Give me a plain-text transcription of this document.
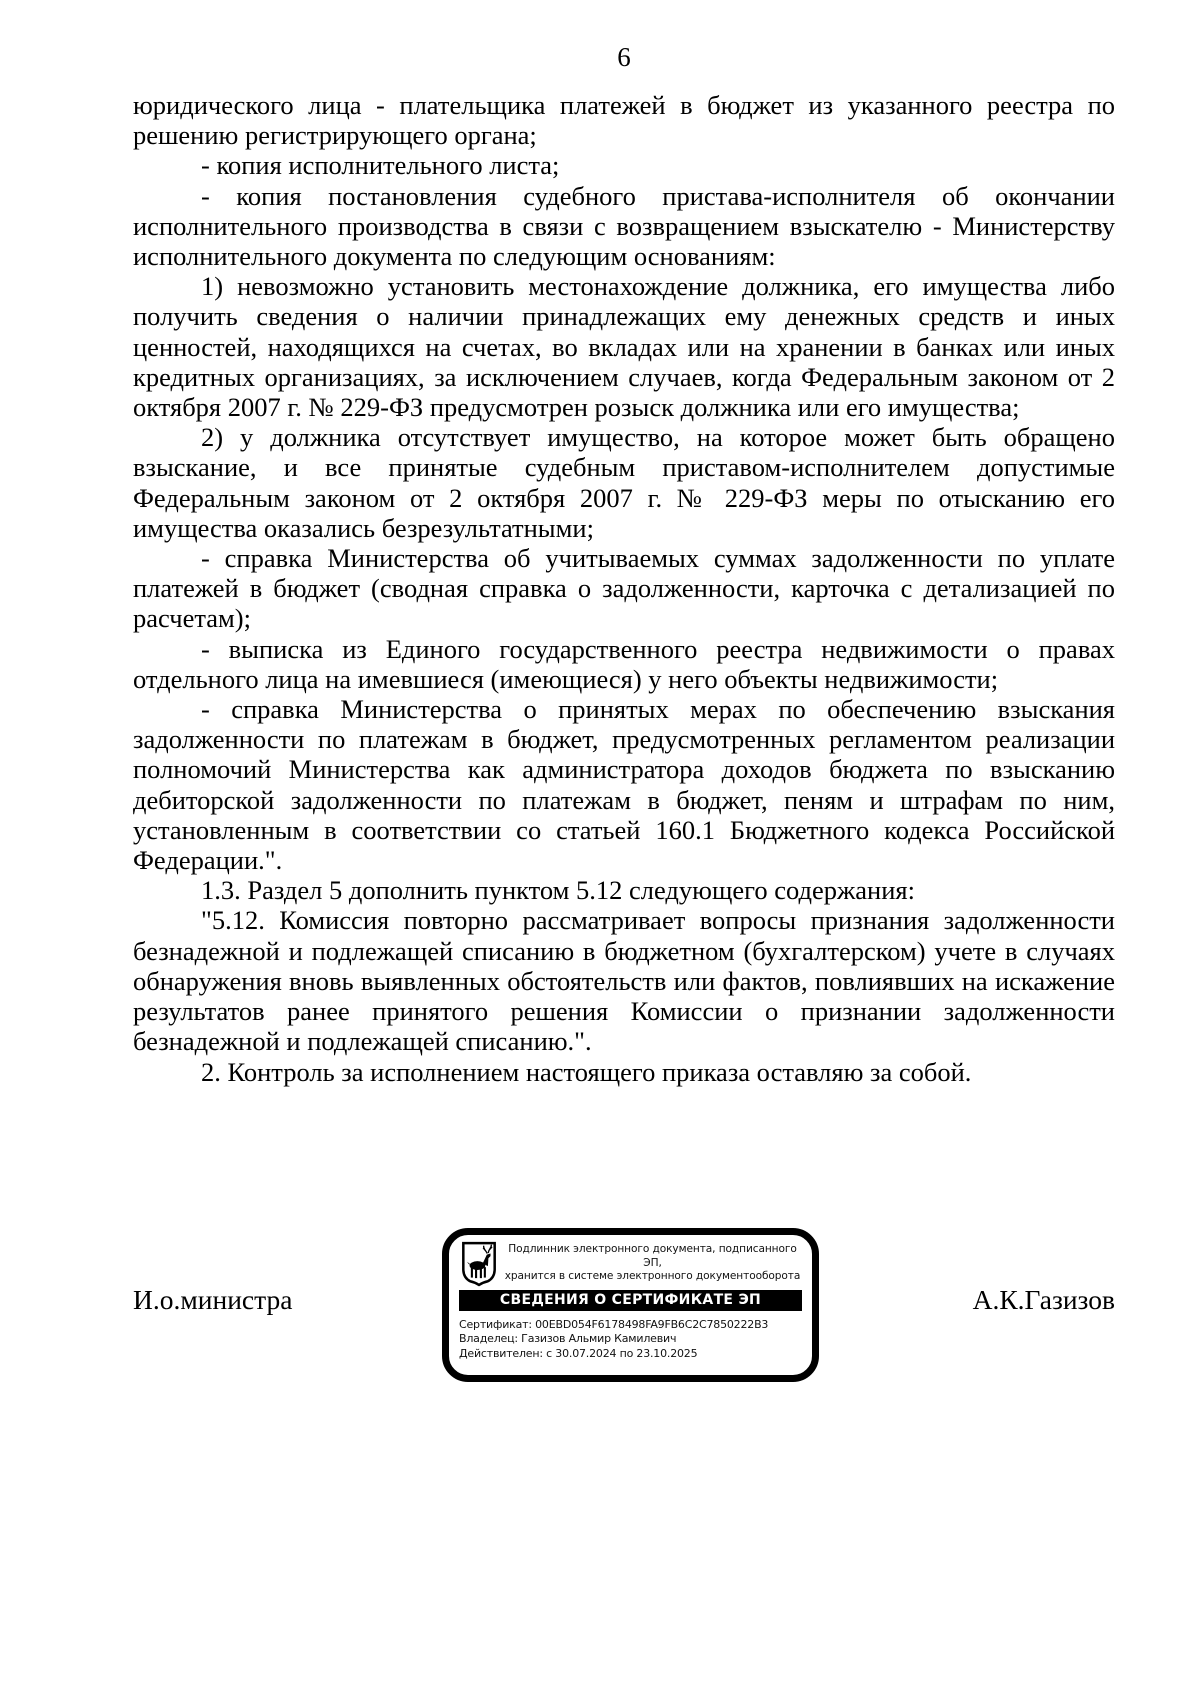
6

юридического лица - плательщика платежей в бюджет из указанного реестра по решению регистрирующего органа;

- копия исполнительного листа;

- копия постановления судебного пристава-исполнителя об окончании исполнительного производства в связи с возвращением взыскателю - Министерству исполнительного документа по следующим основаниям:

1) невозможно установить местонахождение должника, его имущества либо получить сведения о наличии принадлежащих ему денежных средств и иных ценностей, находящихся на счетах, во вкладах или на хранении в банках или иных кредитных организациях, за исключением случаев, когда Федеральным законом от 2 октября 2007 г. № 229-ФЗ предусмотрен розыск должника или его имущества;

2) у должника отсутствует имущество, на которое может быть обращено взыскание, и все принятые судебным приставом-исполнителем допустимые Федеральным законом от 2 октября 2007 г. № 229-ФЗ меры по отысканию его имущества оказались безрезультатными;

- справка Министерства об учитываемых суммах задолженности по уплате платежей в бюджет (сводная справка о задолженности, карточка с детализацией по расчетам);

- выписка из Единого государственного реестра недвижимости о правах отдельного лица на имевшиеся (имеющиеся) у него объекты недвижимости;

- справка Министерства о принятых мерах по обеспечению взыскания задолженности по платежам в бюджет, предусмотренных регламентом реализации полномочий Министерства как администратора доходов бюджета по взысканию дебиторской задолженности по платежам в бюджет, пеням и штрафам по ним, установленным в соответствии со статьей 160.1 Бюджетного кодекса Российской Федерации.".

1.3. Раздел 5 дополнить пунктом 5.12 следующего содержания:

"5.12. Комиссия повторно рассматривает вопросы признания задолженности безнадежной и подлежащей списанию в бюджетном (бухгалтерском) учете в случаях обнаружения вновь выявленных обстоятельств или фактов, повлиявших на искажение результатов ранее принятого решения Комиссии о признании задолженности безнадежной и подлежащей списанию.".

2. Контроль за исполнением настоящего приказа оставляю за собой.

И.о.министра	А.К.Газизов
Подлинник электронного документа, подписанного ЭП,
хранится в системе электронного документооборота
СВЕДЕНИЯ О СЕРТИФИКАТЕ ЭП
Сертификат: 00EBD054F6178498FA9FB6C2C7850222B3
Владелец: Газизов Альмир Камилевич
Действителен: с 30.07.2024 по 23.10.2025
